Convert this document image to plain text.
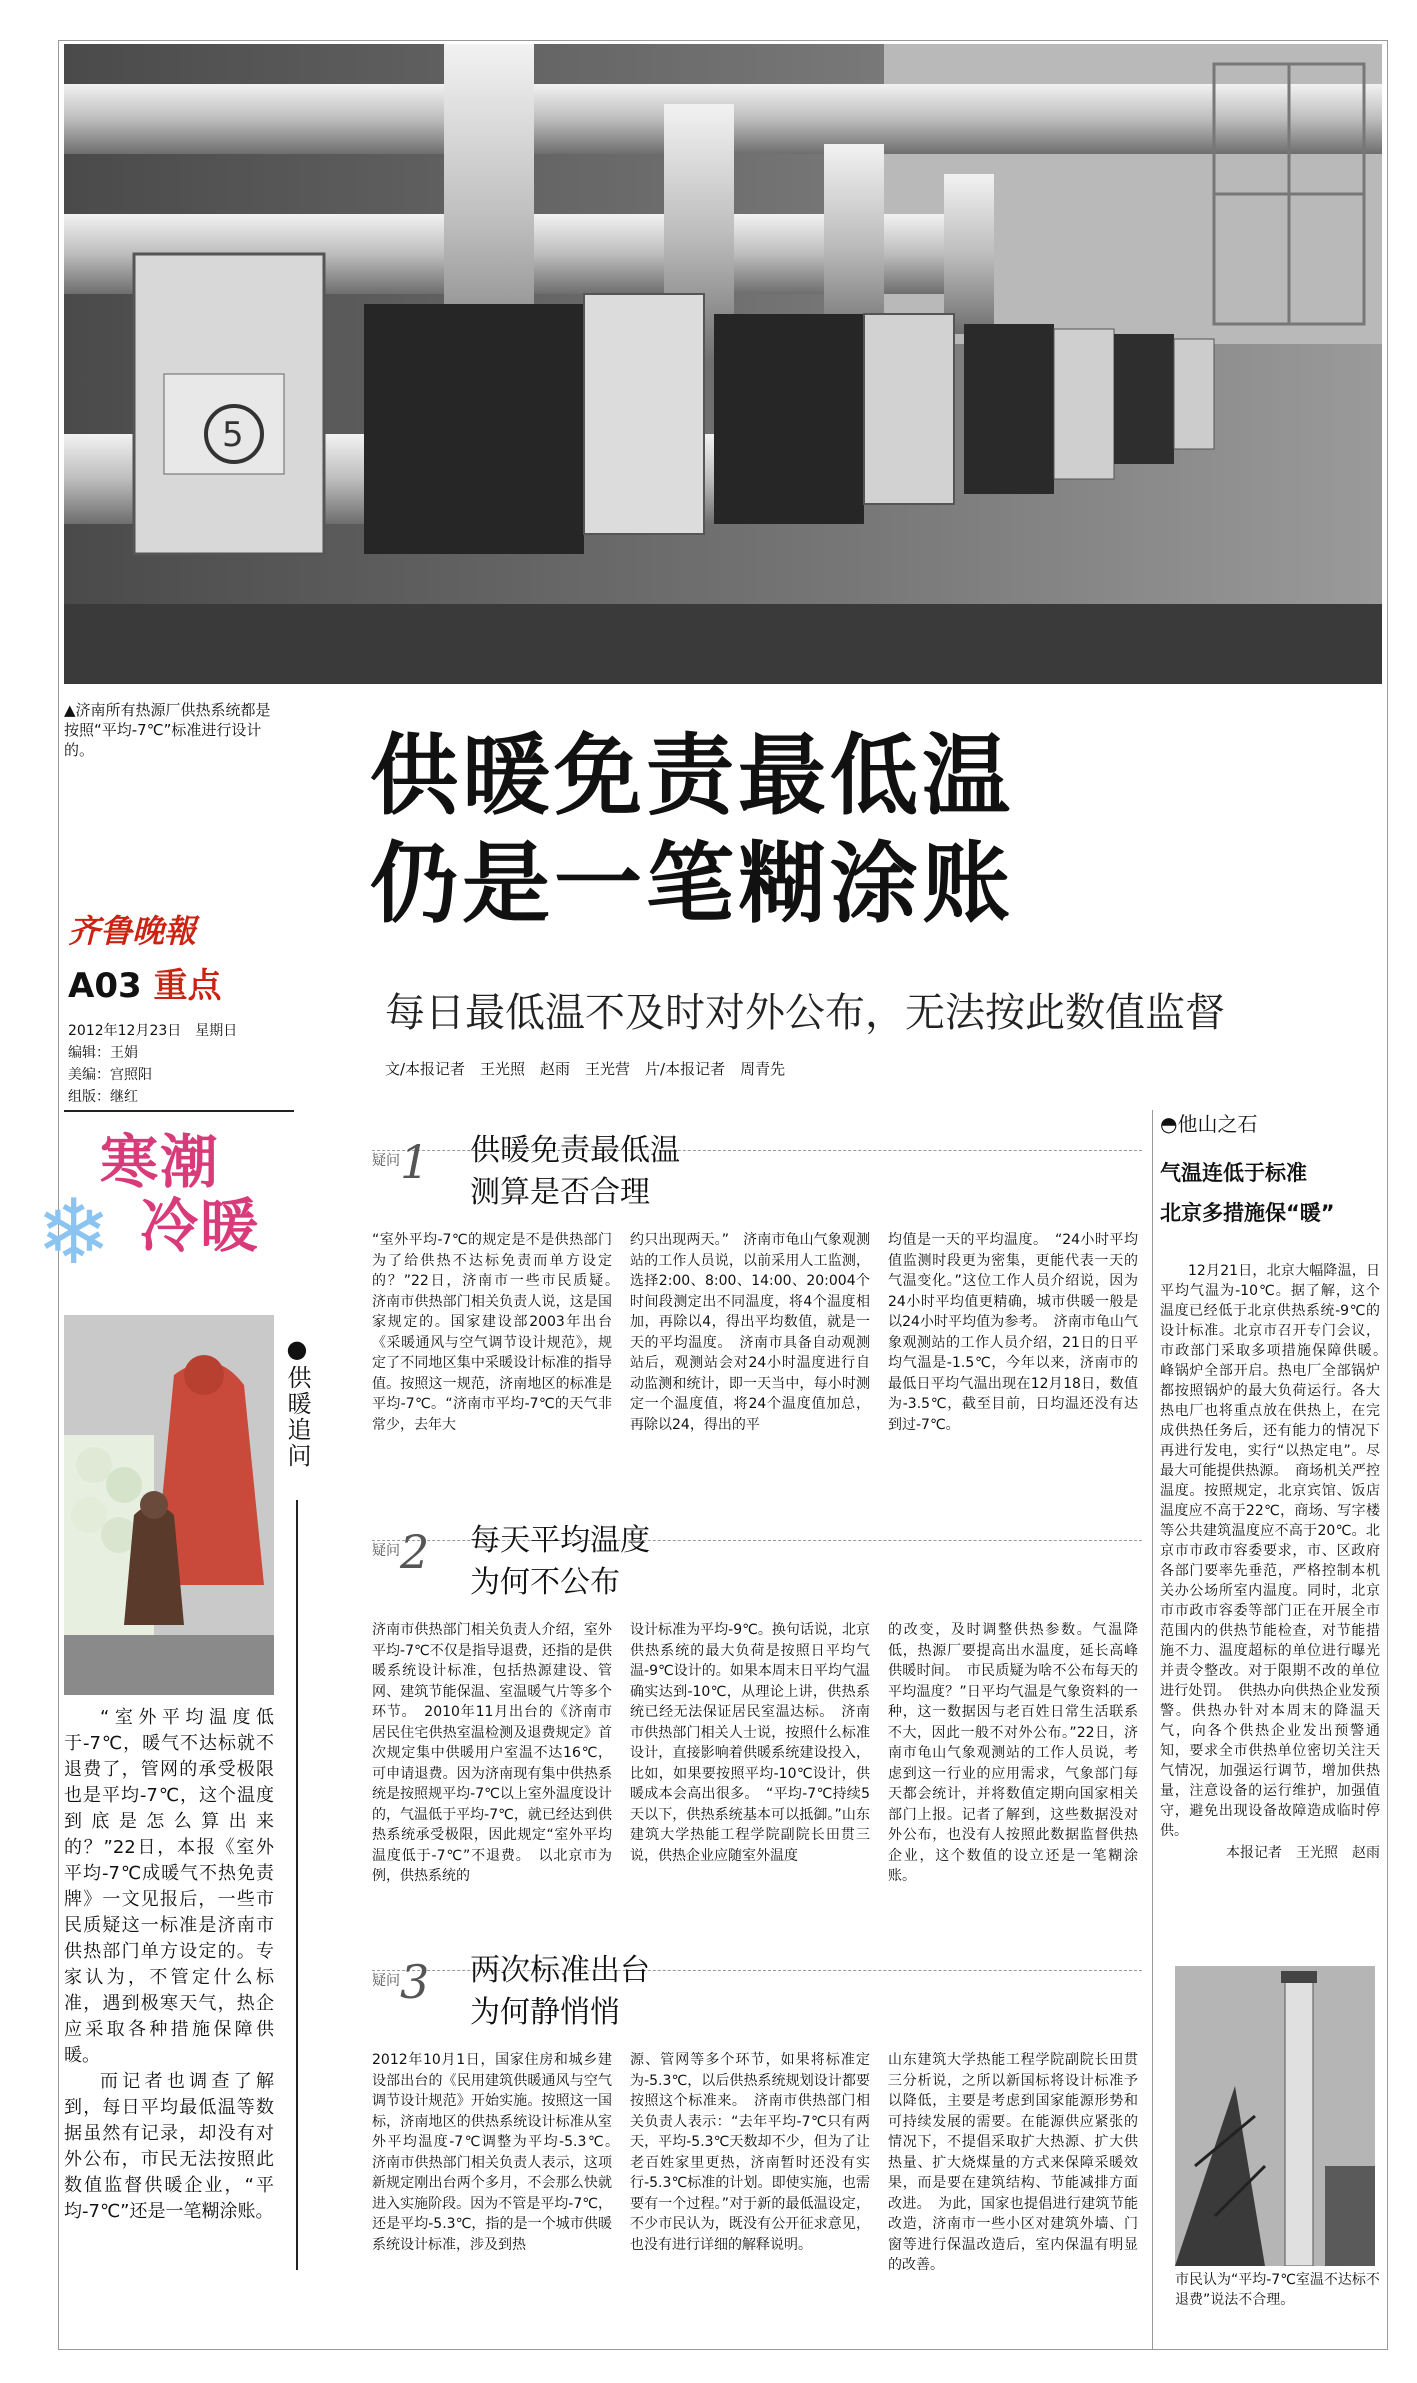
5
▲济南所有热源厂供热系统都是按照“平均-7℃”标准进行设计的。	供暖免责最低温
仍是一笔糊涂账
每日最低温不及时对外公布，无法按此数值监督
文/本报记者　王光照　赵雨　王光营　片/本报记者　周青先
齐鲁晚報
A03 重点
2012年12月23日　星期日
编辑：王娟
美编：宫照阳
组版：继红
❄
寒潮
冷暖
●供暖追问
“室外平均温度低于-7℃，暖气不达标就不退费了，管网的承受极限也是平均-7℃，这个温度到底是怎么算出来的？”22日，本报《室外平均-7℃成暖气不热免责牌》一文见报后，一些市民质疑这一标准是济南市供热部门单方设定的。专家认为，不管定什么标准，遇到极寒天气，热企应采取各种措施保障供暖。
而记者也调查了解到，每日平均最低温等数据虽然有记录，却没有对外公布，市民无法按照此数值监督供暖企业，“平均-7℃”还是一笔糊涂账。
疑问 1 供暖免责最低温
测算是否合理
“室外平均-7℃的规定是不是供热部门为了给供热不达标免责而单方设定的？”22日，济南市一些市民质疑。　济南市供热部门相关负责人说，这是国家规定的。国家建设部2003年出台《采暖通风与空气调节设计规范》，规定了不同地区集中采暖设计标准的指导值。按照这一规范，济南地区的标准是平均-7℃。“济南市平均-7℃的天气非常少，去年大
约只出现两天。”　济南市龟山气象观测站的工作人员说，以前采用人工监测，选择2:00、8:00、14:00、20:004个时间段测定出不同温度，将4个温度相加，再除以4，得出平均数值，就是一天的平均温度。　济南市具备自动观测站后，观测站会对24小时温度进行自动监测和统计，即一天当中，每小时测定一个温度值，将24个温度值加总，再除以24，得出的平
均值是一天的平均温度。　“24小时平均值监测时段更为密集，更能代表一天的气温变化。”这位工作人员介绍说，因为24小时平均值更精确，城市供暖一般是以24小时平均值为参考。　济南市龟山气象观测站的工作人员介绍，21日的日平均气温是-1.5℃，今年以来，济南市的最低日平均气温出现在12月18日，数值为-3.5℃，截至目前，日均温还没有达到过-7℃。
疑问 2 每天平均温度
为何不公布
济南市供热部门相关负责人介绍，室外平均-7℃不仅是指导退费，还指的是供暖系统设计标准，包括热源建设、管网、建筑节能保温、室温暖气片等多个环节。　2010年11月出台的《济南市居民住宅供热室温检测及退费规定》首次规定集中供暖用户室温不达16℃，可申请退费。因为济南现有集中供热系统是按照规平均-7℃以上室外温度设计的，气温低于平均-7℃，就已经达到供热系统承受极限，因此规定“室外平均温度低于-7℃”不退费。　以北京市为例，供热系统的
设计标准为平均-9℃。换句话说，北京供热系统的最大负荷是按照日平均气温-9℃设计的。如果本周末日平均气温确实达到-10℃，从理论上讲，供热系统已经无法保证居民室温达标。　济南市供热部门相关人士说，按照什么标准设计，直接影响着供暖系统建设投入，比如，如果要按照平均-10℃设计，供暖成本会高出很多。　“平均-7℃持续5天以下，供热系统基本可以抵御。”山东建筑大学热能工程学院副院长田贯三说，供热企业应随室外温度
的改变，及时调整供热参数。气温降低，热源厂要提高出水温度，延长高峰供暖时间。　市民质疑为啥不公布每天的平均温度？”日平均气温是气象资料的一种，这一数据因与老百姓日常生活联系不大，因此一般不对外公布。”22日，济南市龟山气象观测站的工作人员说，考虑到这一行业的应用需求，气象部门每天都会统计，并将数值定期向国家相关部门上报。记者了解到，这些数据没对外公布，也没有人按照此数据监督供热企业，这个数值的设立还是一笔糊涂账。
疑问 3 两次标准出台
为何静悄悄
2012年10月1日，国家住房和城乡建设部出台的《民用建筑供暖通风与空气调节设计规范》开始实施。按照这一国标，济南地区的供热系统设计标准从室外平均温度-7℃调整为平均-5.3℃。　济南市供热部门相关负责人表示，这项新规定刚出台两个多月，不会那么快就进入实施阶段。因为不管是平均-7℃，还是平均-5.3℃，指的是一个城市供暖系统设计标准，涉及到热
源、管网等多个环节，如果将标准定为-5.3℃，以后供热系统规划设计都要按照这个标准来。　济南市供热部门相关负责人表示：“去年平均-7℃只有两天，平均-5.3℃天数却不少，但为了让老百姓家里更热，济南暂时还没有实行-5.3℃标准的计划。即使实施，也需要有一个过程。”对于新的最低温设定，不少市民认为，既没有公开征求意见，也没有进行详细的解释说明。
山东建筑大学热能工程学院副院长田贯三分析说，之所以新国标将设计标准予以降低，主要是考虑到国家能源形势和可持续发展的需要。在能源供应紧张的情况下，不提倡采取扩大热源、扩大供热量、扩大烧煤量的方式来保障采暖效果，而是要在建筑结构、节能减排方面改进。　为此，国家也提倡进行建筑节能改造，济南市一些小区对建筑外墙、门窗等进行保温改造后，室内保温有明显的改善。
◓他山之石
气温连低于标准
北京多措施保“暖”
12月21日，北京大幅降温，日平均气温为-10℃。据了解，这个温度已经低于北京供热系统-9℃的设计标准。北京市召开专门会议，市政部门采取多项措施保障供暖。　峰锅炉全部开启。热电厂全部锅炉都按照锅炉的最大负荷运行。各大热电厂也将重点放在供热上，在完成供热任务后，还有能力的情况下再进行发电，实行“以热定电”。尽最大可能提供热源。　商场机关严控温度。按照规定，北京宾馆、饭店温度应不高于22℃，商场、写字楼等公共建筑温度应不高于20℃。北京市市政市容委要求，市、区政府各部门要率先垂范，严格控制本机关办公场所室内温度。同时，北京市市政市容委等部门正在开展全市范围内的供热节能检查，对节能措施不力、温度超标的单位进行曝光并责令整改。对于限期不改的单位进行处罚。　供热办向供热企业发预警。供热办针对本周末的降温天气，向各个供热企业发出预警通知，要求全市供热单位密切关注天气情况，加强运行调节，增加供热量，注意设备的运行维护，加强值守，避免出现设备故障造成临时停供。
本报记者　王光照　赵雨
市民认为“平均-7℃室温不达标不退费”说法不合理。
